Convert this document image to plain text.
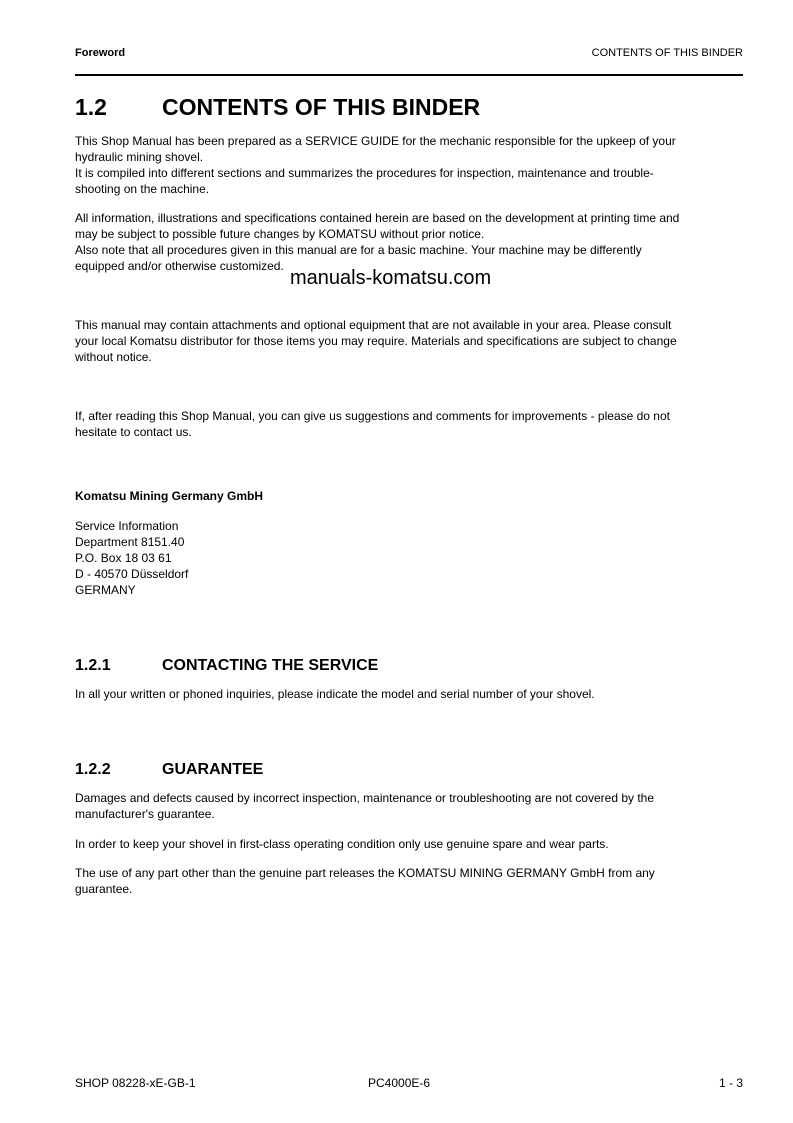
Foreword	CONTENTS OF THIS BINDER
1.2 CONTENTS OF THIS BINDER
This Shop Manual has been prepared as a SERVICE GUIDE for the mechanic responsible for the upkeep of your
hydraulic mining shovel.
It is compiled into different sections and summarizes the procedures for inspection, maintenance and trouble-
shooting on the machine.
All information, illustrations and specifications contained herein are based on the development at printing time and
may be subject to possible future changes by KOMATSU without prior notice.
Also note that all procedures given in this manual are for a basic machine. Your machine may be differently
equipped and/or otherwise customized.
manuals-komatsu.com
This manual may contain attachments and optional equipment that are not available in your area. Please consult
your local Komatsu distributor for those items you may require. Materials and specifications are subject to change
without notice.
If, after reading this Shop Manual, you can give us suggestions and comments for improvements - please do not
hesitate to contact us.
Komatsu Mining Germany GmbH
Service Information
Department 8151.40
P.O. Box 18 03 61
D - 40570 Düsseldorf
GERMANY
1.2.1	CONTACTING THE SERVICE
In all your written or phoned inquiries, please indicate the model and serial number of your shovel.
1.2.2	GUARANTEE
Damages and defects caused by incorrect inspection, maintenance or troubleshooting are not covered by the
manufacturer's guarantee.
In order to keep your shovel in first-class operating condition only use genuine spare and wear parts.
The use of any part other than the genuine part releases the KOMATSU MINING GERMANY GmbH from any
guarantee.
SHOP 08228-xE-GB-1	PC4000E-6	1 - 3
